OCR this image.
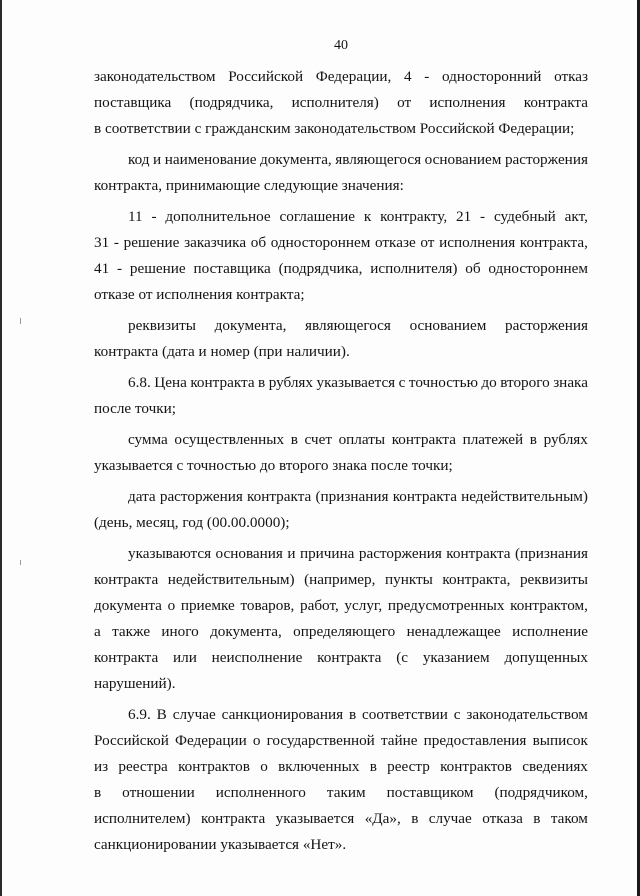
40
законодательством Российской Федерации, 4 - односторонний отказ
поставщика (подрядчика, исполнителя) от исполнения контракта
в соответствии с гражданским законодательством Российской Федерации;
код и наименование документа, являющегося основанием расторжения
контракта, принимающие следующие значения:
11 - дополнительное соглашение к контракту, 21 - судебный акт,
31 - решение заказчика об одностороннем отказе от исполнения контракта,
41 - решение поставщика (подрядчика, исполнителя) об одностороннем
отказе от исполнения контракта;
реквизиты документа, являющегося основанием расторжения
контракта (дата и номер (при наличии).
6.8. Цена контракта в рублях указывается с точностью до второго знака
после точки;
сумма осуществленных в счет оплаты контракта платежей в рублях
указывается с точностью до второго знака после точки;
дата расторжения контракта (признания контракта недействительным)
(день, месяц, год (00.00.0000);
указываются основания и причина расторжения контракта (признания
контракта недействительным) (например, пункты контракта, реквизиты
документа о приемке товаров, работ, услуг, предусмотренных контрактом,
а также иного документа, определяющего ненадлежащее исполнение
контракта или неисполнение контракта (с указанием допущенных
нарушений).
6.9. В случае санкционирования в соответствии с законодательством
Российской Федерации о государственной тайне предоставления выписок
из реестра контрактов о включенных в реестр контрактов сведениях
в отношении исполненного таким поставщиком (подрядчиком,
исполнителем) контракта указывается «Да», в случае отказа в таком
санкционировании указывается «Нет».
